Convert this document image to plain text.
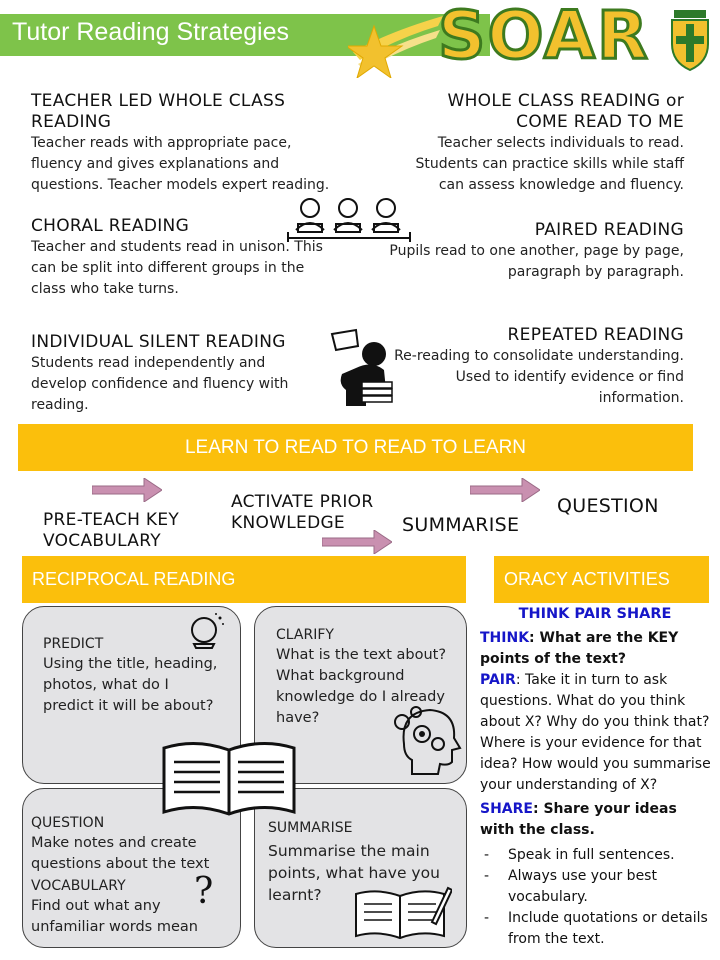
Tutor Reading Strategies SOAR
TEACHER LED WHOLE CLASS
READING
Teacher reads with appropriate pace,
fluency and gives explanations and
questions. Teacher models expert reading.
WHOLE CLASS READING or
COME READ TO ME
Teacher selects individuals to read.
Students can practice skills while staff
can assess knowledge and fluency.
CHORAL READING
Teacher and students read in unison. This
can be split into different groups in the
class who take turns.
PAIRED READING
Pupils read to one another, page by page,
paragraph by paragraph.
INDIVIDUAL SILENT READING
Students read independently and
develop confidence and fluency with
reading.
REPEATED READING
Re-reading to consolidate understanding.
Used to identify evidence or find
information.
LEARN TO READ TO READ TO LEARN
PRE-TEACH KEY
VOCABULARY
ACTIVATE PRIOR
KNOWLEDGE	SUMMARISE
QUESTION
RECIPROCAL READING	ORACY ACTIVITIES
PREDICT
Using the title, heading,
photos, what do I
predict it will be about?
CLARIFY
What is the text about?
What background
knowledge do I already
have?
QUESTION
Make notes and create
questions about the text
VOCABULARY
Find out what any
unfamiliar words mean
?
SUMMARISE
Summarise the main
points, what have you
learnt?
THINK PAIR SHARE
THINK: What are the KEY points of the text?
PAIR: Take it in turn to ask questions. What do you think about X? Why do you think that? Where is your evidence for that idea? How would you summarise your understanding of X?
SHARE: Share your ideas with the class.
- Speak in full sentences.
- Always use your best vocabulary.
- Include quotations or details from the text.
